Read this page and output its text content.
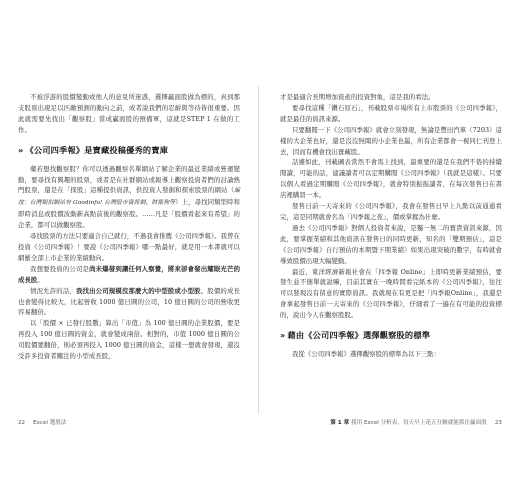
不被浮游的股價變動或他人的意見所迷惑，選擇贏面股做為標的，真到那支股票出現足以匹敵預測的動向之前，或者說我們的忍耐與等待皆很重要。因此就需要先找出「觀察股」當成贏面股的預備軍，這就是STEP 1 在做的工作。

» 《公司四季報》是寶藏投稿優秀的寶庫

藥若想找觀察股？你可以透過觀察名單網站了解企業的最近業績或營運變動，要尋找有興趣的股票，或者是在社群網站或報導上觀察投資者們的討論熱門股票，還是在「探股」這種提供資訊，供投資人發掘和探索股票的網站（編按：台灣類似網站有 Goodinfo! 台灣股市資訊網、財報狗等）上，尋找同類型時和即時消息或股價波動新高點前後的觀察股。……凡是「股價看起來有希望」的企業，都可以做觀察股。

尋找股票的方法只要適合自己就行，不過我會推薦《公司四季報》。我曾在投資《公司四季報》！要說《公司四季報》哪一點最好，就是用一本書就可以網羅全部上市企業的業績動向。

我想要投資的公司是尚未爆發到讓任何人察覺，將來卻會發出耀眼光芒的成長股。

情況允許的話，我找出公司規模沒那麼大的中型股或小型股。股價的成長也會變得比較大，比起營收 1000 億日圓的公司，10 億日圓的公司的營收更容易翻倍。

以「股價 × 已發行股數」算出「市值」為 100 億日圓的企業股價，要是再投入 100 億日圓的資金，就會變成兩倍。相對的，市值 1000 億日圓的公司股價要翻倍，則必須再投入 1000 億日圓的資金，這樣一想就會發現，還沒受許多投資者關注的小型成長股，

22 Excel 選股法

才是最適合長期增加資產的投資對象，這是我的看法。

要尋找這種「鑽石原石」，刊載股票市場所有上市股票的《公司四季報》，就是最佳的資訊來源。

只要翻閱一下《公司四季報》就會立刻發現，無論是豐田汽車（7203）這樣的大企業也好，還是沒沒無聞的小企業也罷，所有企業都會一視同仁刊登上去，因而有機會找出寶藏股。

話雖如此，刊載圖表當然不會馬上找到，最重要的還是在我們不倦的持續閱讀，可能的話，建議讀者可以定期購閱《公司四季報》（我就是這樣）。只要以個人看過定期購閱《公司四季報》，就會特別振振讀者，在每次發售日在書店裡購買一本。

發售日前一天寄來的《公司四季報》，我會在發售日早上九點以前通通看完，這是同期就會名為「四季報之夜」，價或掌握為什麼。

過去《公司四季報》對個人投資者來說，是獨一無二的寶貴資訊來源，因此，要掌握業績和其他資訊在發售日的同時更新，知名的「雙期預估」，這是《公司四季報》自行預估的本期暨下期業績）如果出現突破的數字，有時就會導致股價出現大幅變動。

最近，東洋經濟新報社會在「四季報 Online」上即時更新業績預估，要發生並不簡單就說嘛，目前其實在一晚時間看完紙本的《公司四季報》，往往可以發現沒有留意的實際資訊。我就現在有更是把「四季報Online」，我還是會拿起發售日前一天寄來的《公司四季報》，仔細看了一遍在有可能的投資標的，說出今人在觀察股股。

» 藉由《公司四季報》選擇觀察股的標準

我從《公司四季報》選擇觀察股的標準為以下三點：

第 1 章 我用 Excel 分析表，每天早上花五分鐘就能抓住贏面股 23
